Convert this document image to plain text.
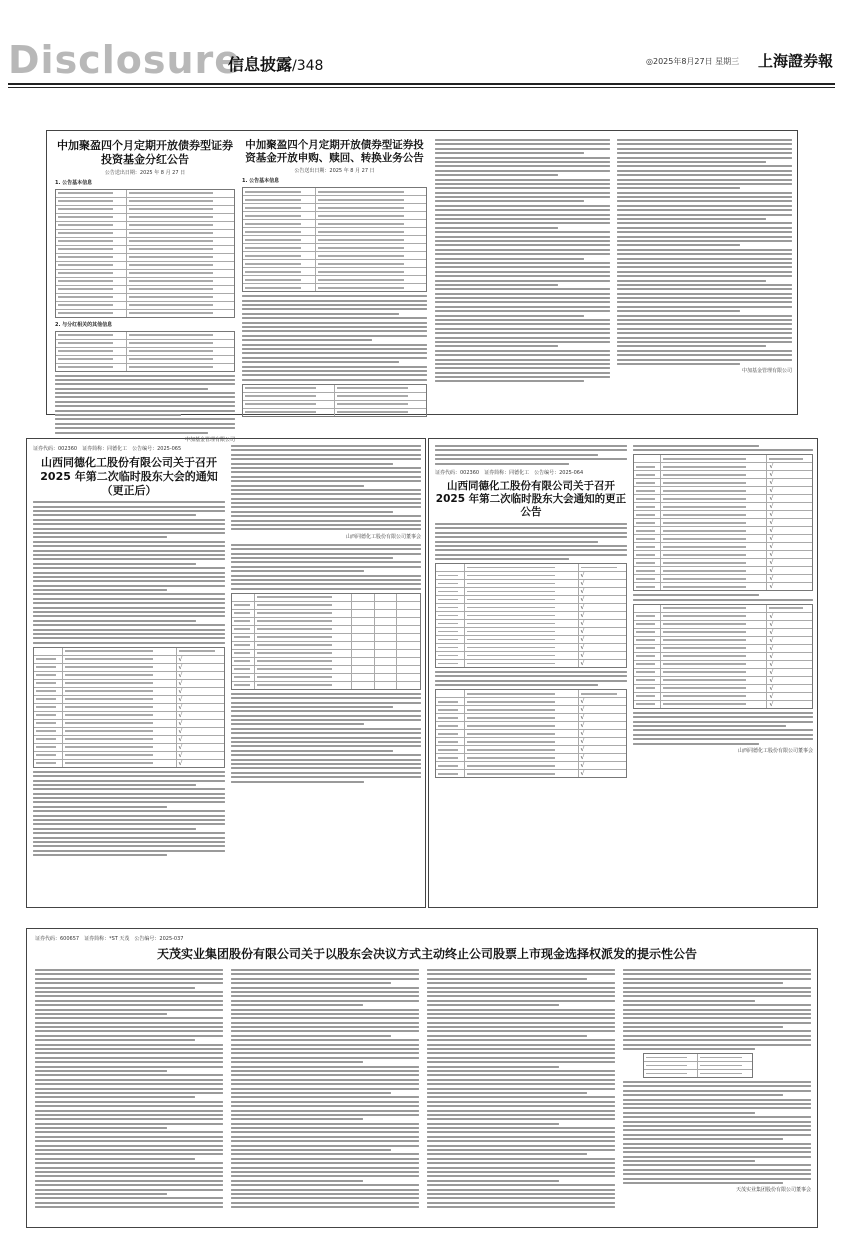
Disclosure
信息披露/348	◎2025年8月27日 星期三 上海證券報
中加聚盈四个月定期开放债券型证券投资基金分红公告
公告送出日期：2025 年 8 月 27 日
1. 公告基本信息
2. 与分红相关的其他信息
中加基金管理有限公司
中加聚盈四个月定期开放债券型证券投资基金开放申购、赎回、转换业务公告
公告送出日期：2025 年 8 月 27 日
1. 公告基本信息
中加基金管理有限公司
证券代码：002360　证券简称：同德化工　公告编号：2025-065
山西同德化工股份有限公司关于召开 2025 年第二次临时股东大会的通知（更正后）
√
√
√
√
√
√
√
√
√
√
√
√
√
√
山西同德化工股份有限公司董事会
证券代码：002360　证券简称：同德化工　公告编号：2025-064
山西同德化工股份有限公司关于召开 2025 年第二次临时股东大会通知的更正公告
√
√
√
√
√
√
√
√
√
√
√
√
√
√
√
√
√
√
√
√
√
√
√
√
√
√
√
√
√
√
√
√
√
√
√
√
√
√
√
√
√
√
√
√
√
√
√
√
√
√
山西同德化工股份有限公司董事会
证券代码：600657　证券简称：*ST 天茂　公告编号：2025-037
天茂实业集团股份有限公司关于以股东会决议方式主动终止公司股票上市现金选择权派发的提示性公告
天茂实业集团股份有限公司董事会
